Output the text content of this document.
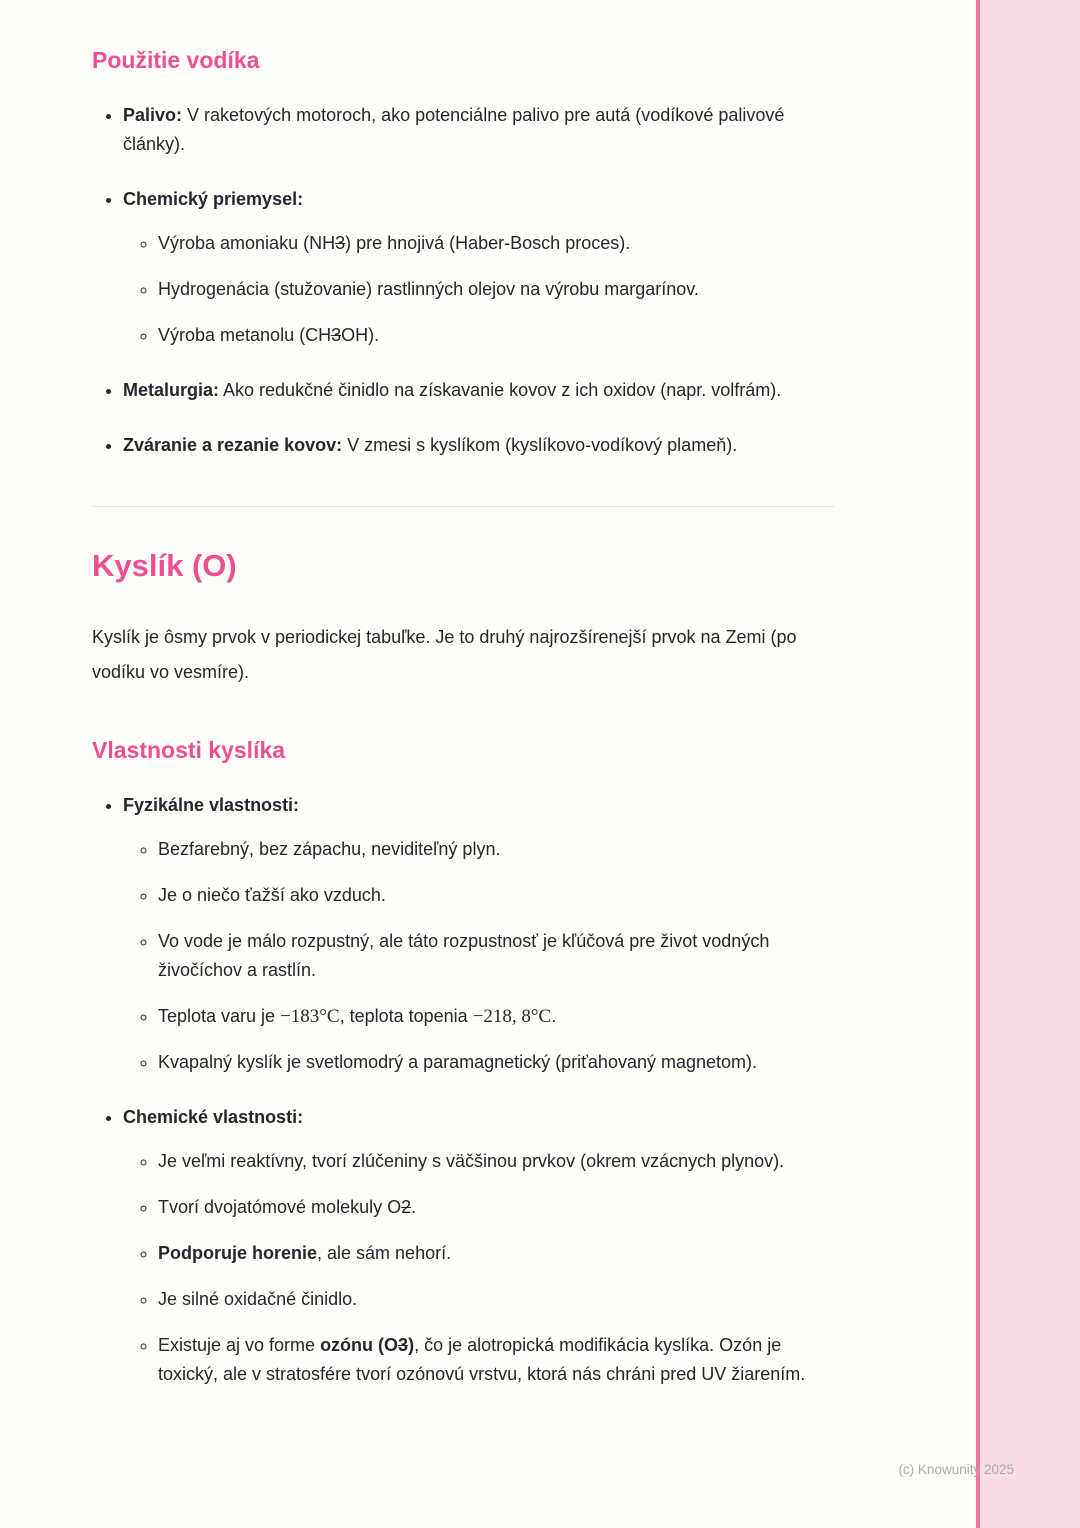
Použitie vodíka
• Palivo: V raketových motoroch, ako potenciálne palivo pre autá (vodíkové palivové články).
• Chemický priemysel:
◦ Výroba amoniaku (NH3) pre hnojivá (Haber-Bosch proces).
◦ Hydrogenácia (stužovanie) rastlinných olejov na výrobu margarínov.
◦ Výroba metanolu (CH3OH).
• Metalurgia: Ako redukčné činidlo na získavanie kovov z ich oxidov (napr. volfrám).
• Zváranie a rezanie kovov: V zmesi s kyslíkom (kyslíkovo-vodíkový plameň).
Kyslík (O)

Kyslík je ôsmy prvok v periodickej tabuľke. Je to druhý najrozšírenejší prvok na Zemi (po vodíku vo vesmíre).

Vlastnosti kyslíka
• Fyzikálne vlastnosti:
◦ Bezfarebný, bez zápachu, neviditeľný plyn.
◦ Je o niečo ťažší ako vzduch.
◦ Vo vode je málo rozpustný, ale táto rozpustnosť je kľúčová pre život vodných živočíchov a rastlín.
◦ Teplota varu je −183°C, teplota topenia −218, 8°C.
◦ Kvapalný kyslík je svetlomodrý a paramagnetický (priťahovaný magnetom).
• Chemické vlastnosti:
◦ Je veľmi reaktívny, tvorí zlúčeniny s väčšinou prvkov (okrem vzácnych plynov).
◦ Tvorí dvojatómové molekuly O2.
◦ Podporuje horenie, ale sám nehorí.
◦ Je silné oxidačné činidlo.
◦ Existuje aj vo forme ozónu (O3), čo je alotropická modifikácia kyslíka. Ozón je toxický, ale v stratosfére tvorí ozónovú vrstvu, ktorá nás chráni pred UV žiarením.
(c) Knowunity 2025
